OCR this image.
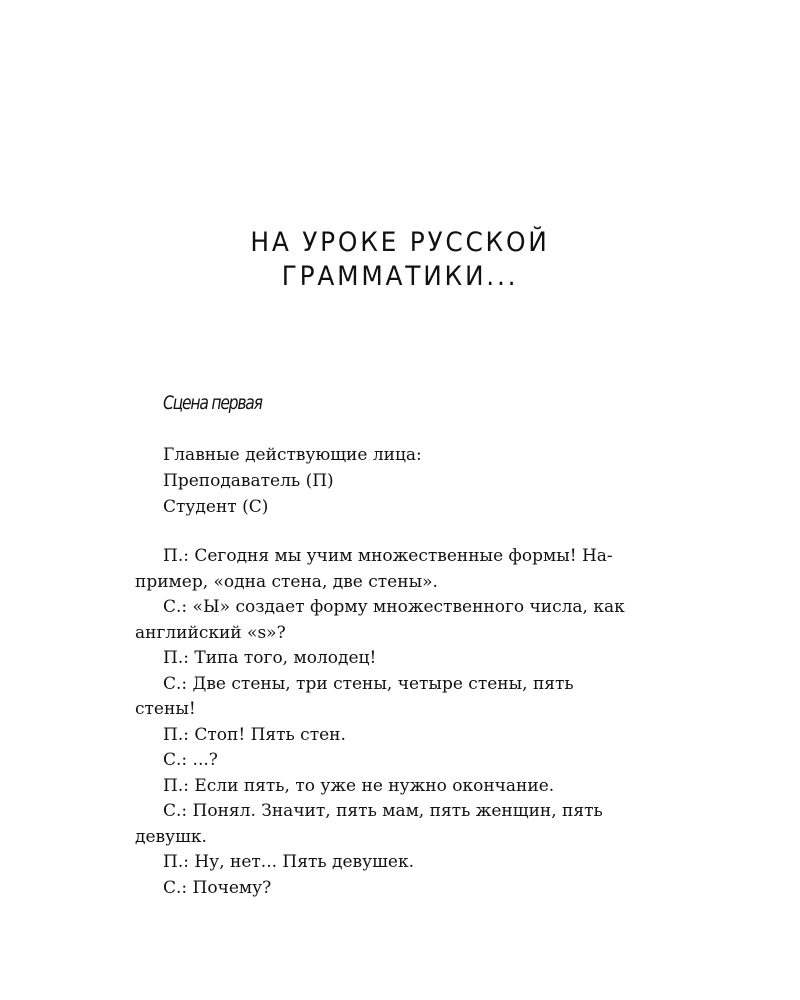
НА УРОКЕ РУССКОЙ
ГРАММАТИКИ...
Сцена первая
Главные действующие лица:
Преподаватель (П)
Студент (С)

П.: Сегодня мы учим множественные формы! На-
пример, «одна стена, две стены».

С.: «Ы» создает форму множественного числа, как
английский «s»?

П.: Типа того, молодец!

С.: Две стены, три стены, четыре стены, пять
стены!

П.: Стоп! Пять стен.

С.: ...?

П.: Если пять, то уже не нужно окончание.

С.: Понял. Значит, пять мам, пять женщин, пять
девушк.

П.: Ну, нет... Пять девушек.

С.: Почему?
